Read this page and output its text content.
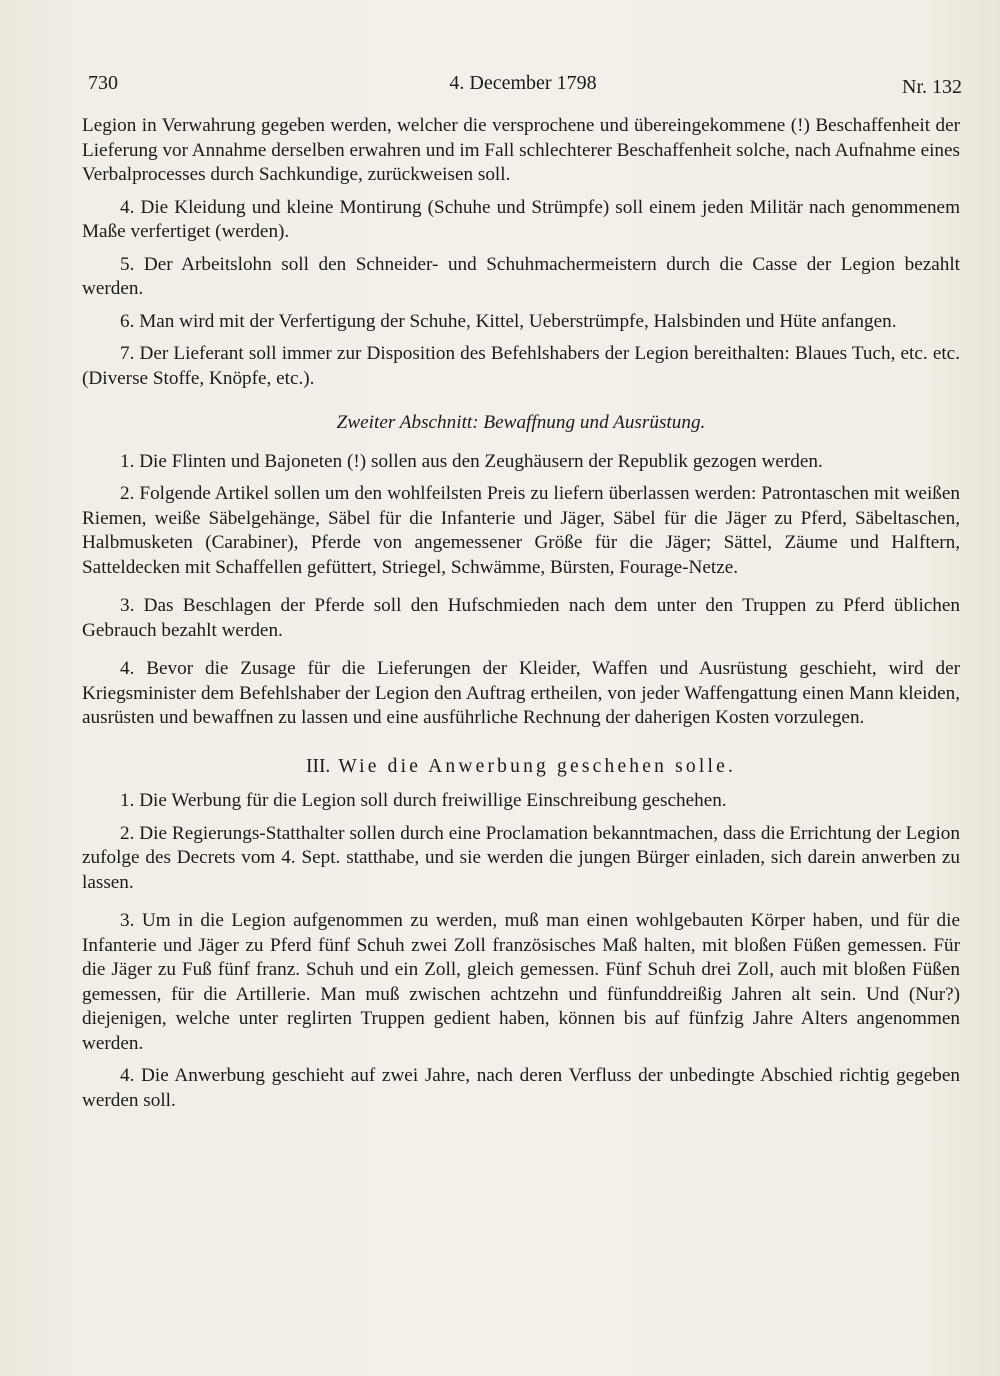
730	4. December 1798	Nr. 132

Legion in Verwahrung gegeben werden, welcher die versprochene und übereingekommene (!) Beschaffenheit der Lieferung vor Annahme derselben erwahren und im Fall schlechterer Beschaffenheit solche, nach Aufnahme eines Verbalprocesses durch Sachkundige, zurückweisen soll.

4. Die Kleidung und kleine Montirung (Schuhe und Strümpfe) soll einem jeden Militär nach genommenem Maße verfertiget (werden).

5. Der Arbeitslohn soll den Schneider- und Schuhmachermeistern durch die Casse der Legion bezahlt werden.

6. Man wird mit der Verfertigung der Schuhe, Kittel, Ueberstrümpfe, Halsbinden und Hüte anfangen.

7. Der Lieferant soll immer zur Disposition des Befehlshabers der Legion bereithalten: Blaues Tuch, etc. etc. (Diverse Stoffe, Knöpfe, etc.).

Zweiter Abschnitt: Bewaffnung und Ausrüstung.

1. Die Flinten und Bajoneten (!) sollen aus den Zeughäusern der Republik gezogen werden.

2. Folgende Artikel sollen um den wohlfeilsten Preis zu liefern überlassen werden: Patrontaschen mit weißen Riemen, weiße Säbelgehänge, Säbel für die Infanterie und Jäger, Säbel für die Jäger zu Pferd, Säbeltaschen, Halbmusketen (Carabiner), Pferde von angemessener Größe für die Jäger; Sättel, Zäume und Halftern, Satteldecken mit Schaffellen gefüttert, Striegel, Schwämme, Bürsten, Fourage-Netze.

3. Das Beschlagen der Pferde soll den Hufschmieden nach dem unter den Truppen zu Pferd üblichen Gebrauch bezahlt werden.

4. Bevor die Zusage für die Lieferungen der Kleider, Waffen und Ausrüstung geschieht, wird der Kriegsminister dem Befehlshaber der Legion den Auftrag ertheilen, von jeder Waffengattung einen Mann kleiden, ausrüsten und bewaffnen zu lassen und eine ausführliche Rechnung der daherigen Kosten vorzulegen.

III. Wie die Anwerbung geschehen solle.

1. Die Werbung für die Legion soll durch freiwillige Einschreibung geschehen.

2. Die Regierungs-Statthalter sollen durch eine Proclamation bekanntmachen, dass die Errichtung der Legion zufolge des Decrets vom 4. Sept. statthabe, und sie werden die jungen Bürger einladen, sich darein anwerben zu lassen.

3. Um in die Legion aufgenommen zu werden, muß man einen wohlgebauten Körper haben, und für die Infanterie und Jäger zu Pferd fünf Schuh zwei Zoll französisches Maß halten, mit bloßen Füßen gemessen. Für die Jäger zu Fuß fünf franz. Schuh und ein Zoll, gleich gemessen. Fünf Schuh drei Zoll, auch mit bloßen Füßen gemessen, für die Artillerie. Man muß zwischen achtzehn und fünfunddreißig Jahren alt sein. Und (Nur?) diejenigen, welche unter reglirten Truppen gedient haben, können bis auf fünfzig Jahre Alters angenommen werden.

4. Die Anwerbung geschieht auf zwei Jahre, nach deren Verfluss der unbedingte Abschied richtig gegeben werden soll.
